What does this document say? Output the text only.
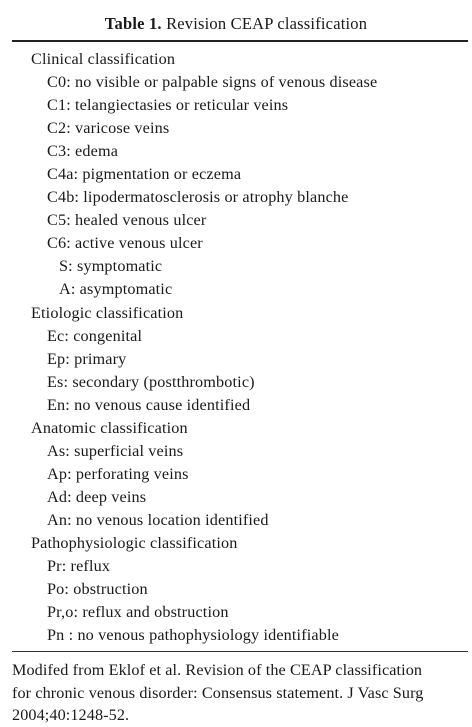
Table 1. Revision CEAP classification
Clinical classification
C0: no visible or palpable signs of venous disease
C1: telangiectasies or reticular veins
C2: varicose veins
C3: edema
C4a: pigmentation or eczema
C4b: lipodermatosclerosis or atrophy blanche
C5: healed venous ulcer
C6: active venous ulcer
S: symptomatic
A: asymptomatic
Etiologic classification
Ec: congenital
Ep: primary
Es: secondary (postthrombotic)
En: no venous cause identified
Anatomic classification
As: superficial veins
Ap: perforating veins
Ad: deep veins
An: no venous location identified
Pathophysiologic classification
Pr: reflux
Po: obstruction
Pr,o: reflux and obstruction
Pn : no venous pathophysiology identifiable
Modifed from Eklof et al. Revision of the CEAP classification
for chronic venous disorder: Consensus statement. J Vasc Surg
2004;40:1248-52.
